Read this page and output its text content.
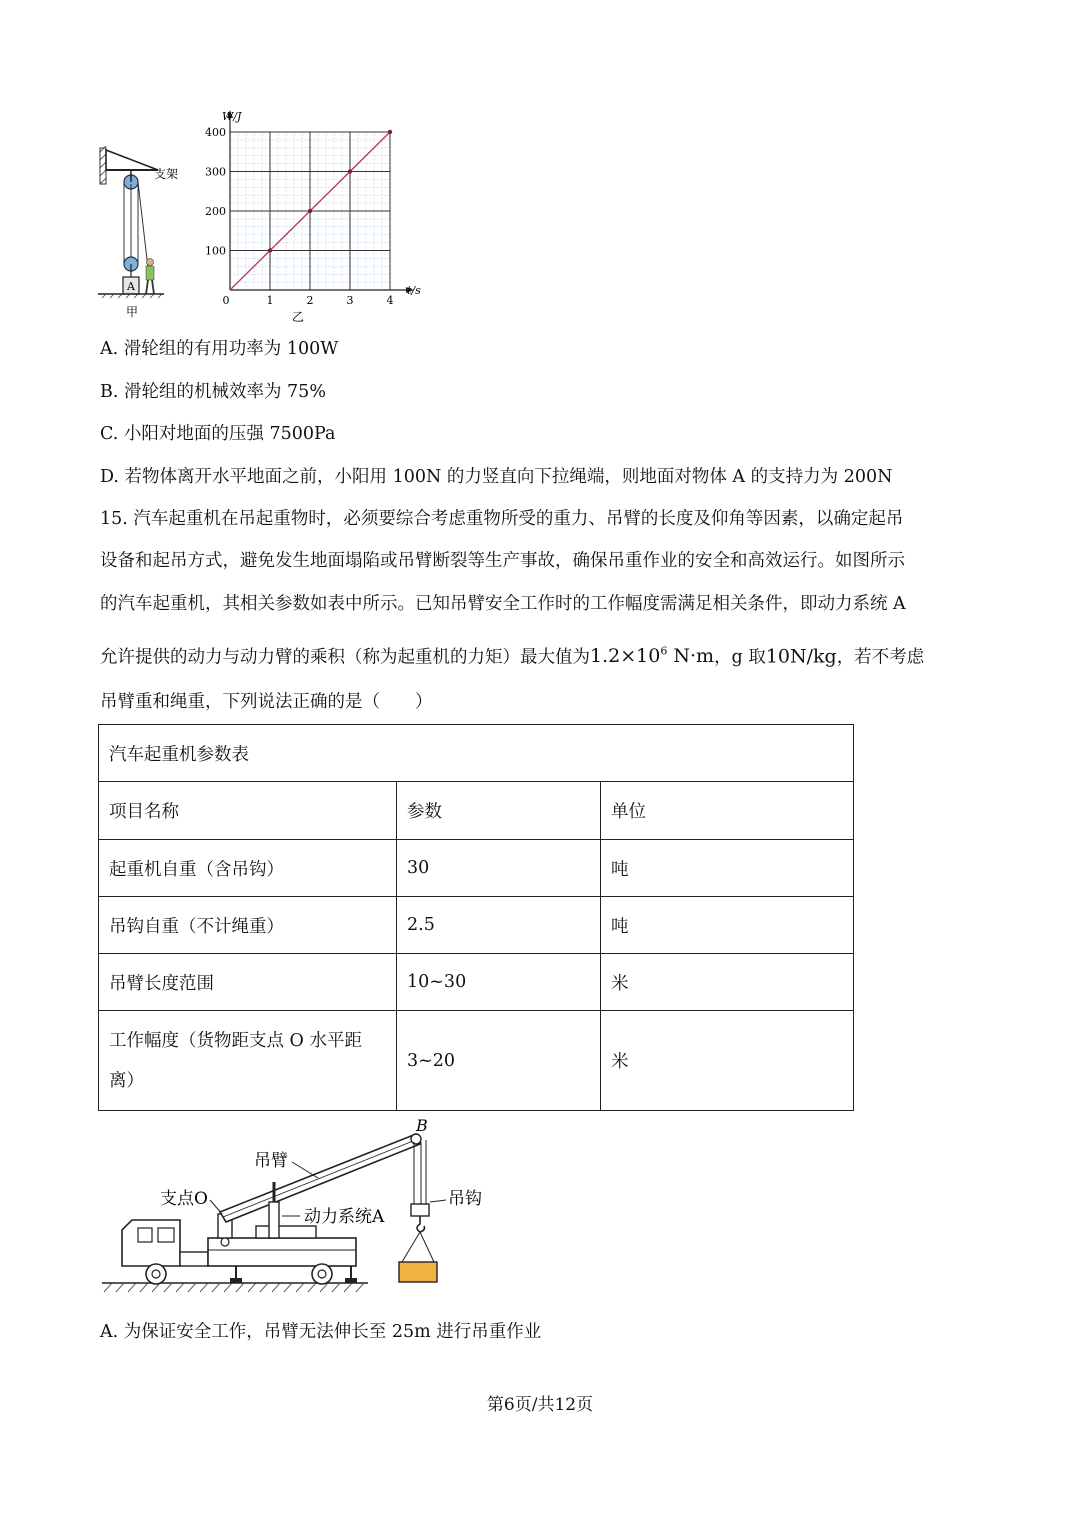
A
支架
甲
1	2	3	4
100
200
300
400
W/J
t/s
0
乙
A. 滑轮组的有用功率为 100W
B. 滑轮组的机械效率为 75%
C. 小阳对地面的压强 7500Pa
D. 若物体离开水平地面之前，小阳用 100N 的力竖直向下拉绳端，则地面对物体 A 的支持力为 200N
15. 汽车起重机在吊起重物时，必须要综合考虑重物所受的重力、吊臂的长度及仰角等因素，以确定起吊
设备和起吊方式，避免发生地面塌陷或吊臂断裂等生产事故，确保吊重作业的安全和高效运行。如图所示
的汽车起重机，其相关参数如表中所示。已知吊臂安全工作时的工作幅度需满足相关条件，即动力系统 A
允许提供的动力与动力臂的乘积（称为起重机的力矩）最大值为$1.2\times 10^6$ N·m，g 取10N/kg，若不考虑
吊臂重和绳重，下列说法正确的是（　　）
汽车起重机参数表		
项目名称	参数	单位
起重机自重（含吊钩）	30	吨
吊钩自重（不计绳重）	2.5	吨
吊臂长度范围	10~30	米
工作幅度（货物距支点 O 水平距
离）	3~20	米
B
吊臂
支点O
动力系统A
吊钩
A. 为保证安全工作，吊臂无法伸长至 25m 进行吊重作业
第6页/共12页
